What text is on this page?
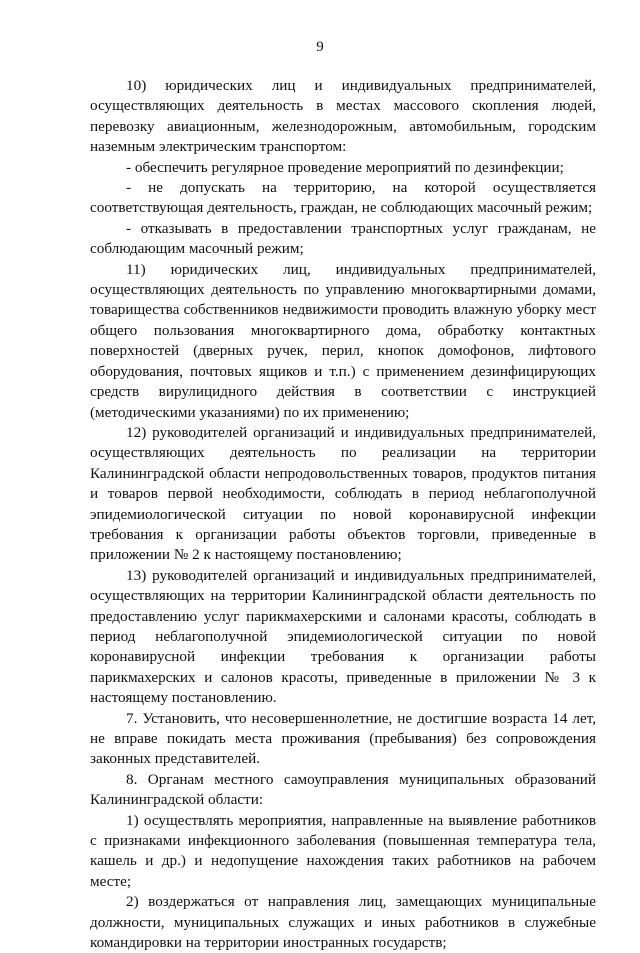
9

10) юридических лиц и индивидуальных предпринимателей, осуществляющих деятельность в местах массового скопления людей, перевозку авиационным, железнодорожным, автомобильным, городским наземным электрическим транспортом:

- обеспечить регулярное проведение мероприятий по дезинфекции;

- не допускать на территорию, на которой осуществляется соответствующая деятельность, граждан, не соблюдающих масочный режим;

- отказывать в предоставлении транспортных услуг гражданам, не соблюдающим масочный режим;

11) юридических лиц, индивидуальных предпринимателей, осуществляющих деятельность по управлению многоквартирными домами, товарищества собственников недвижимости проводить влажную уборку мест общего пользования многоквартирного дома, обработку контактных поверхностей (дверных ручек, перил, кнопок домофонов, лифтового оборудования, почтовых ящиков и т.п.) с применением дезинфицирующих средств вирулицидного действия в соответствии с инструкцией (методическими указаниями) по их применению;

12) руководителей организаций и индивидуальных предпринимателей, осуществляющих деятельность по реализации на территории Калининградской области непродовольственных товаров, продуктов питания и товаров первой необходимости, соблюдать в период неблагополучной эпидемиологической ситуации по новой коронавирусной инфекции требования к организации работы объектов торговли, приведенные в приложении № 2 к настоящему постановлению;

13) руководителей организаций и индивидуальных предпринимателей, осуществляющих на территории Калининградской области деятельность по предоставлению услуг парикмахерскими и салонами красоты, соблюдать в период неблагополучной эпидемиологической ситуации по новой коронавирусной инфекции требования к организации работы парикмахерских и салонов красоты, приведенные в приложении № 3 к настоящему постановлению.

7. Установить, что несовершеннолетние, не достигшие возраста 14 лет, не вправе покидать места проживания (пребывания) без сопровождения законных представителей.

8. Органам местного самоуправления муниципальных образований Калининградской области:

1) осуществлять мероприятия, направленные на выявление работников с признаками инфекционного заболевания (повышенная температура тела, кашель и др.) и недопущение нахождения таких работников на рабочем месте;

2) воздержаться от направления лиц, замещающих муниципальные должности, муниципальных служащих и иных работников в служебные командировки на территории иностранных государств;
